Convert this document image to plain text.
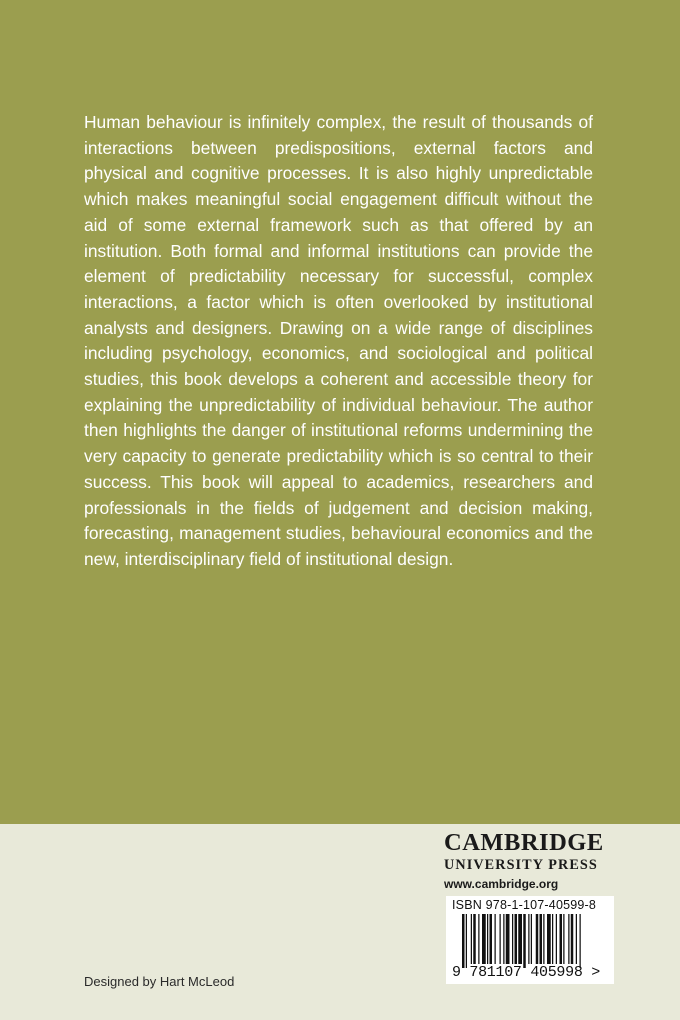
Human behaviour is infinitely complex, the result of thousands of interactions between predispositions, external factors and physical and cognitive processes. It is also highly unpredictable which makes meaningful social engagement difficult without the aid of some external framework such as that offered by an institution. Both formal and informal institutions can provide the element of predictability necessary for successful, complex interactions, a factor which is often overlooked by institutional analysts and designers. Drawing on a wide range of disciplines including psychology, economics, and sociological and political studies, this book develops a coherent and accessible theory for explaining the unpredictability of individual behaviour. The author then highlights the danger of institutional reforms undermining the very capacity to generate predictability which is so central to their success. This book will appeal to academics, researchers and professionals in the fields of judgement and decision making, forecasting, management studies, behavioural economics and the new, interdisciplinary field of institutional design.

CAMBRIDGE
UNIVERSITY PRESS
www.cambridge.org
ISBN 978-1-107-40599-8
9 781107 405998 >
Designed by Hart McLeod
